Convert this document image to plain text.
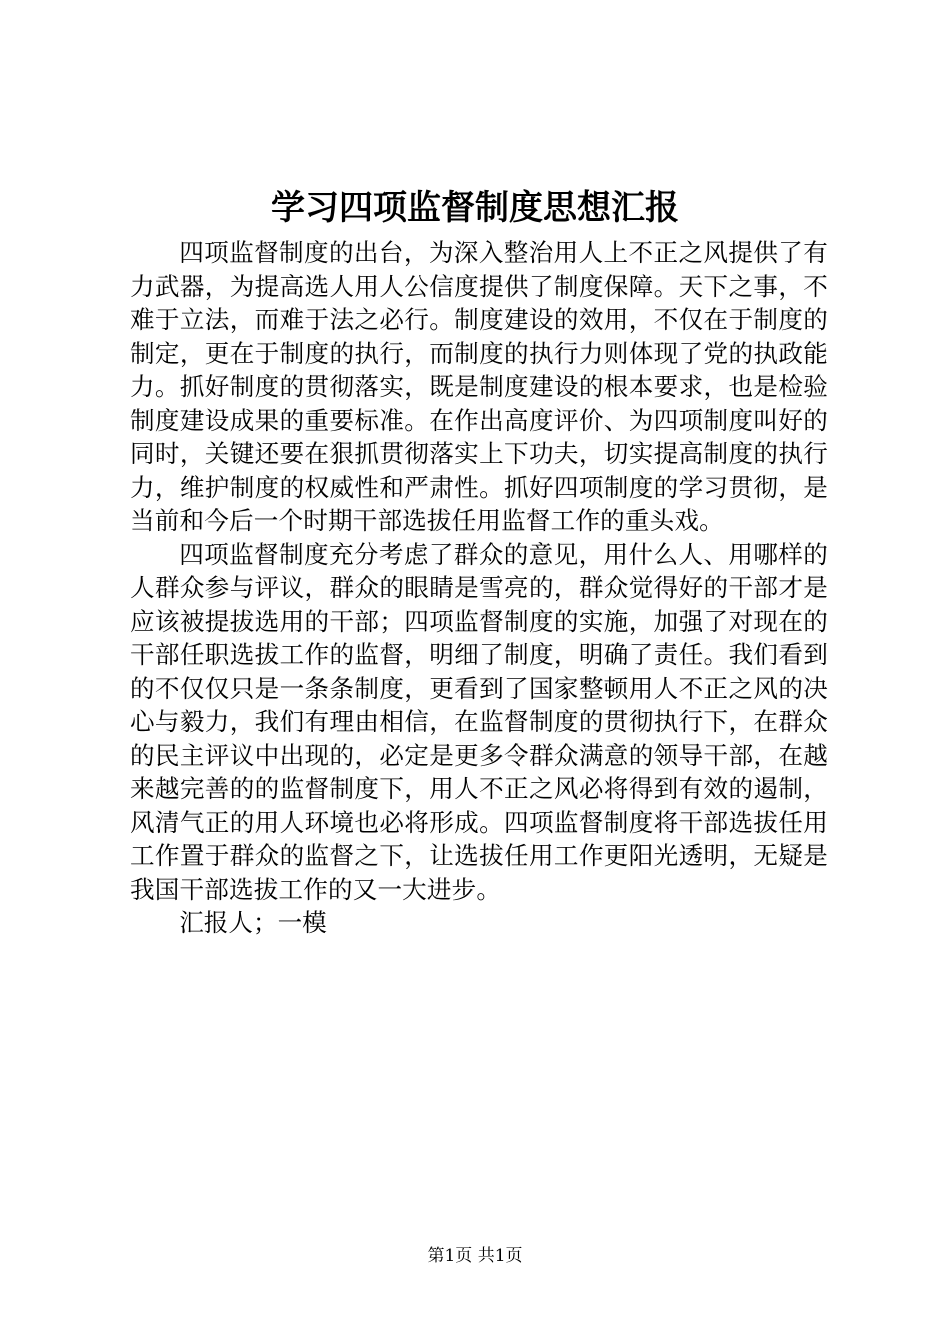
学习四项监督制度思想汇报

四项监督制度的出台，为深入整治用人上不正之风提供了有力武器，为提高选人用人公信度提供了制度保障。天下之事，不难于立法，而难于法之必行。制度建设的效用，不仅在于制度的制定，更在于制度的执行，而制度的执行力则体现了党的执政能力。抓好制度的贯彻落实，既是制度建设的根本要求，也是检验制度建设成果的重要标准。在作出高度评价、为四项制度叫好的同时，关键还要在狠抓贯彻落实上下功夫，切实提高制度的执行力，维护制度的权威性和严肃性。抓好四项制度的学习贯彻，是当前和今后一个时期干部选拔任用监督工作的重头戏。

四项监督制度充分考虑了群众的意见，用什么人、用哪样的人群众参与评议，群众的眼睛是雪亮的，群众觉得好的干部才是应该被提拔选用的干部；四项监督制度的实施，加强了对现在的干部任职选拔工作的监督，明细了制度，明确了责任。我们看到的不仅仅只是一条条制度，更看到了国家整顿用人不正之风的决心与毅力，我们有理由相信，在监督制度的贯彻执行下，在群众的民主评议中出现的，必定是更多令群众满意的领导干部，在越来越完善的的监督制度下，用人不正之风必将得到有效的遏制，风清气正的用人环境也必将形成。四项监督制度将干部选拔任用工作置于群众的监督之下，让选拔任用工作更阳光透明，无疑是我国干部选拔工作的又一大进步。

汇报人；一模

第1页 共1页
